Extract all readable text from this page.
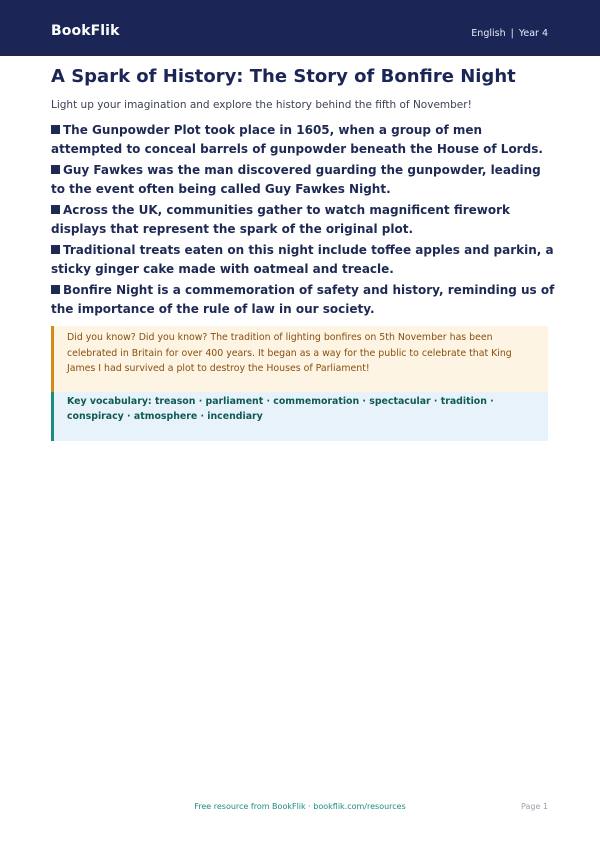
BookFlik	English | Year 4
A Spark of History: The Story of Bonfire Night

Light up your imagination and explore the history behind the fifth of November!

The Gunpowder Plot took place in 1605, when a group of men attempted to conceal barrels of gunpowder beneath the House of Lords.
Guy Fawkes was the man discovered guarding the gunpowder, leading to the event often being called Guy Fawkes Night.
Across the UK, communities gather to watch magnificent firework displays that represent the spark of the original plot.
Traditional treats eaten on this night include toffee apples and parkin, a sticky ginger cake made with oatmeal and treacle.
Bonfire Night is a commemoration of safety and history, reminding us of the importance of the rule of law in our society.
Did you know? Did you know? The tradition of lighting bonfires on 5th November has been celebrated in Britain for over 400 years. It began as a way for the public to celebrate that King James I had survived a plot to destroy the Houses of Parliament!
Key vocabulary: treason · parliament · commemoration · spectacular · tradition · conspiracy · atmosphere · incendiary
Free resource from BookFlik · bookflik.com/resources	Page 1
